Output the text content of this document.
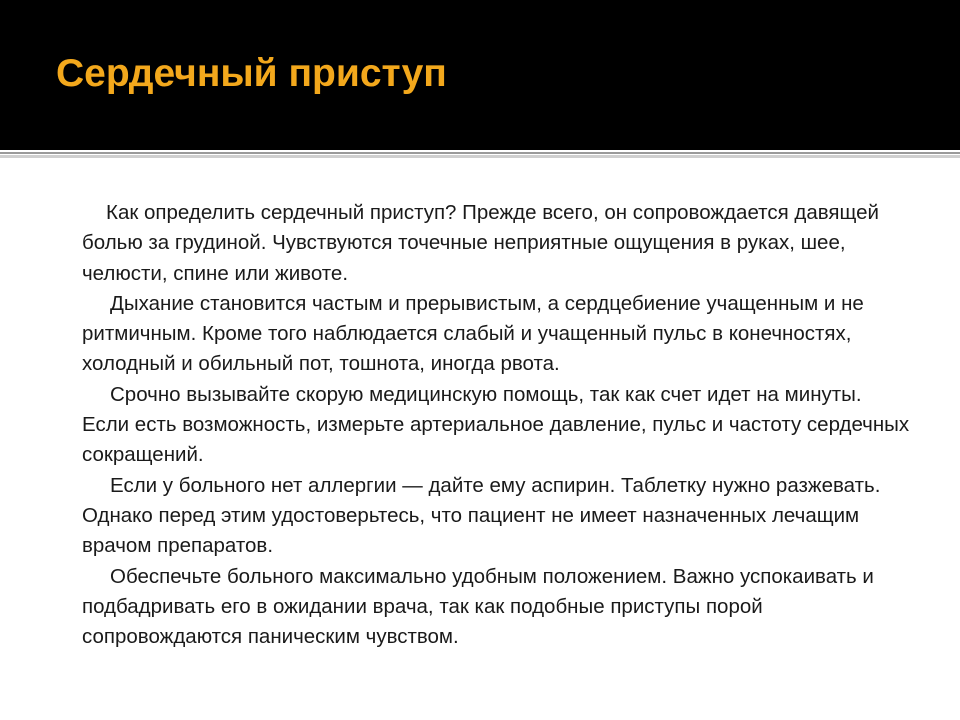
Сердечный приступ

Как определить сердечный приступ? Прежде всего, он сопровождается давящей болью за грудиной. Чувствуются точечные неприятные ощущения в руках, шее, челюсти, спине или животе.

Дыхание становится частым и прерывистым, а сердцебиение учащенным и не ритмичным. Кроме того наблюдается слабый и учащенный пульс в конечностях, холодный и обильный пот, тошнота, иногда рвота.

Срочно вызывайте скорую медицинскую помощь, так как счет идет на минуты. Если есть возможность, измерьте артериальное давление, пульс и частоту сердечных сокращений.

Если у больного нет аллергии — дайте ему аспирин. Таблетку нужно разжевать. Однако перед этим удостоверьтесь, что пациент не имеет назначенных лечащим врачом препаратов.

Обеспечьте больного максимально удобным положением. Важно успокаивать и подбадривать его в ожидании врача, так как подобные приступы порой сопровождаются паническим чувством.
